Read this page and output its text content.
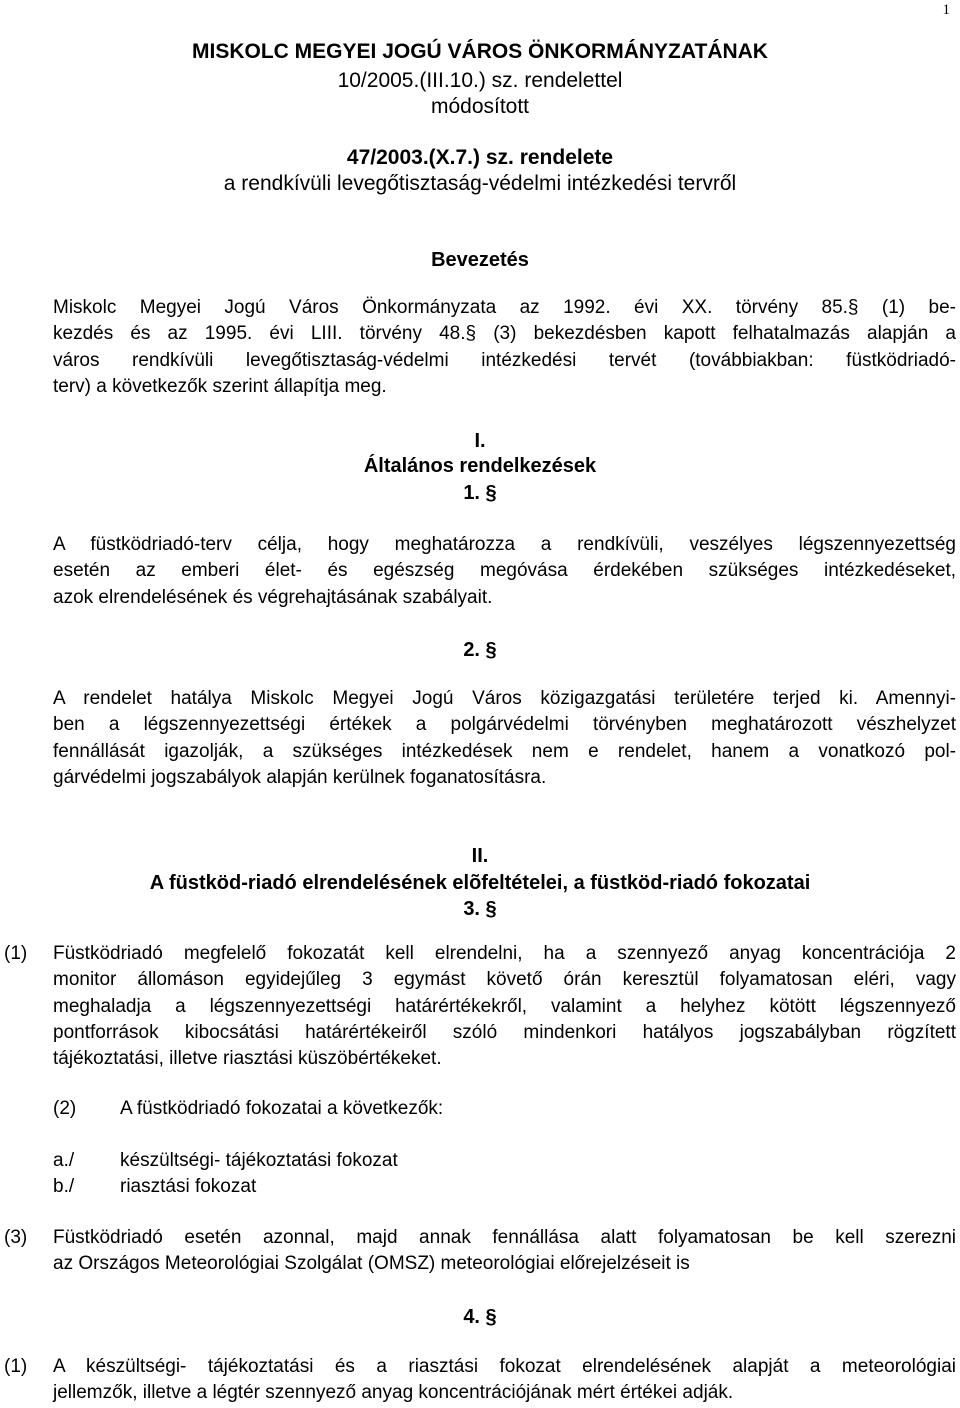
1
MISKOLC MEGYEI JOGÚ VÁROS ÖNKORMÁNYZATÁNAK
10/2005.(III.10.) sz. rendelettel
módosított
47/2003.(X.7.) sz. rendelete
a rendkívüli levegőtisztaság-védelmi intézkedési tervről
Bevezetés
Miskolc Megyei Jogú Város Önkormányzata az 1992. évi XX. törvény 85.§ (1) be-
kezdés és az 1995. évi LIII. törvény 48.§ (3) bekezdésben kapott felhatalmazás alapján a
város rendkívüli levegőtisztaság-védelmi intézkedési tervét (továbbiakban: füstködriadó-
terv) a következők szerint állapítja meg.
I.
Általános rendelkezések
1. §
A füstködriadó-terv célja, hogy meghatározza a rendkívüli, veszélyes légszennyezettség
esetén az emberi élet- és egészség megóvása érdekében szükséges intézkedéseket,
azok elrendelésének és végrehajtásának szabályait.
2. §
A rendelet hatálya Miskolc Megyei Jogú Város közigazgatási területére terjed ki. Amennyi-
ben a légszennyezettségi értékek a polgárvédelmi törvényben meghatározott vészhelyzet
fennállását igazolják, a szükséges intézkedések nem e rendelet, hanem a vonatkozó pol-
gárvédelmi jogszabályok alapján kerülnek foganatosításra.
II.
A füstköd-riadó elrendelésének elõfeltételei, a füstköd-riadó fokozatai
3. §
(1)	Füstködriadó megfelelő fokozatát kell elrendelni, ha a szennyező anyag koncentrációja 2
monitor állomáson egyidejűleg 3 egymást követő órán keresztül folyamatosan eléri, vagy
meghaladja a légszennyezettségi határértékekről, valamint a helyhez kötött légszennyező
pontforrások kibocsátási határértékeiről szóló mindenkori hatályos jogszabályban rögzített
tájékoztatási, illetve riasztási küszöbértékeket.
(2) A füstködriadó fokozatai a következők:
a./ készültségi- tájékoztatási fokozat
b./ riasztási fokozat
(3)	Füstködriadó esetén azonnal, majd annak fennállása alatt folyamatosan be kell szerezni
az Országos Meteorológiai Szolgálat (OMSZ) meteorológiai előrejelzéseit is
4. §
(1)	A készültségi- tájékoztatási és a riasztási fokozat elrendelésének alapját a meteorológiai
jellemzők, illetve a légtér szennyező anyag koncentrációjának mért értékei adják.
